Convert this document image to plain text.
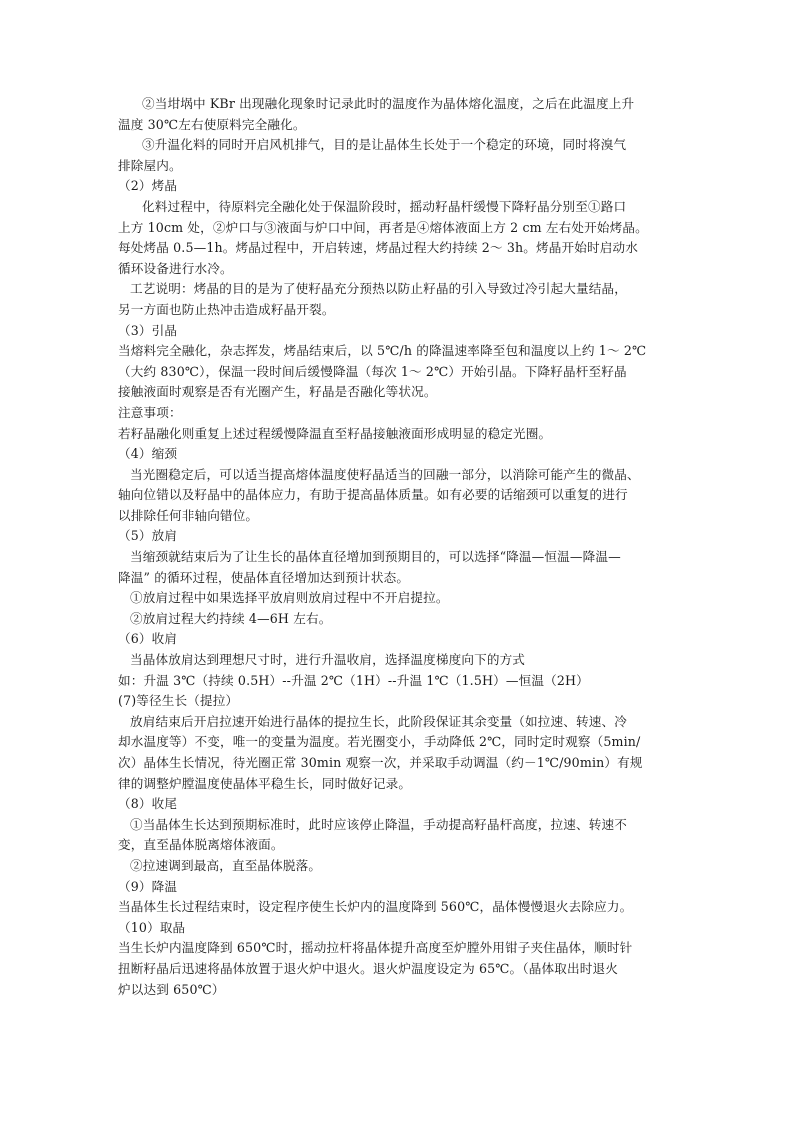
②当坩埚中 KBr 出现融化现象时记录此时的温度作为晶体熔化温度，之后在此温度上升

温度 30℃左右使原料完全融化。

③升温化料的同时开启风机排气，目的是让晶体生长处于一个稳定的环境，同时将溴气

排除屋内。

（2）烤晶

化料过程中，待原料完全融化处于保温阶段时，摇动籽晶杆缓慢下降籽晶分别至①路口

上方 10cm 处，②炉口与③液面与炉口中间，再者是④熔体液面上方 2 cm 左右处开始烤晶。

每处烤晶 0.5—1h。烤晶过程中，开启转速，烤晶过程大约持续 2～ 3h。烤晶开始时启动水

循环设备进行水冷。

工艺说明：烤晶的目的是为了使籽晶充分预热以防止籽晶的引入导致过冷引起大量结晶，

另一方面也防止热冲击造成籽晶开裂。

（3）引晶

当熔料完全融化，杂志挥发，烤晶结束后，以 5℃/h 的降温速率降至包和温度以上约 1～ 2℃

（大约 830℃），保温一段时间后缓慢降温（每次 1～ 2℃）开始引晶。下降籽晶杆至籽晶

接触液面时观察是否有光圈产生，籽晶是否融化等状况。

注意事项：

若籽晶融化则重复上述过程缓慢降温直至籽晶接触液面形成明显的稳定光圈。

（4）缩颈

当光圈稳定后，可以适当提高熔体温度使籽晶适当的回融一部分，以消除可能产生的微晶、

轴向位错以及籽晶中的晶体应力，有助于提高晶体质量。如有必要的话缩颈可以重复的进行

以排除任何非轴向错位。

（5）放肩

当缩颈就结束后为了让生长的晶体直径增加到预期目的，可以选择“降温—恒温—降温—

降温” 的循环过程，使晶体直径增加达到预计状态。

①放肩过程中如果选择平放肩则放肩过程中不开启提拉。

②放肩过程大约持续 4—6H 左右。

（6）收肩

当晶体放肩达到理想尺寸时，进行升温收肩，选择温度梯度向下的方式

如：升温 3℃（持续 0.5H）--升温 2℃（1H）--升温 1℃（1.5H）—恒温（2H）

(7)等径生长（提拉）

放肩结束后开启拉速开始进行晶体的提拉生长，此阶段保证其余变量（如拉速、转速、冷

却水温度等）不变，唯一的变量为温度。若光圈变小，手动降低 2℃，同时定时观察（5min/

次）晶体生长情况，待光圈正常 30min 观察一次，并采取手动调温（约－1℃/90min）有规

律的调整炉膛温度使晶体平稳生长，同时做好记录。

（8）收尾

①当晶体生长达到预期标准时，此时应该停止降温，手动提高籽晶杆高度，拉速、转速不

变，直至晶体脱离熔体液面。

②拉速调到最高，直至晶体脱落。

（9）降温

当晶体生长过程结束时，设定程序使生长炉内的温度降到 560℃，晶体慢慢退火去除应力。

（10）取晶

当生长炉内温度降到 650℃时，摇动拉杆将晶体提升高度至炉膛外用钳子夹住晶体，顺时针

扭断籽晶后迅速将晶体放置于退火炉中退火。退火炉温度设定为 65℃。（晶体取出时退火

炉以达到 650℃）
